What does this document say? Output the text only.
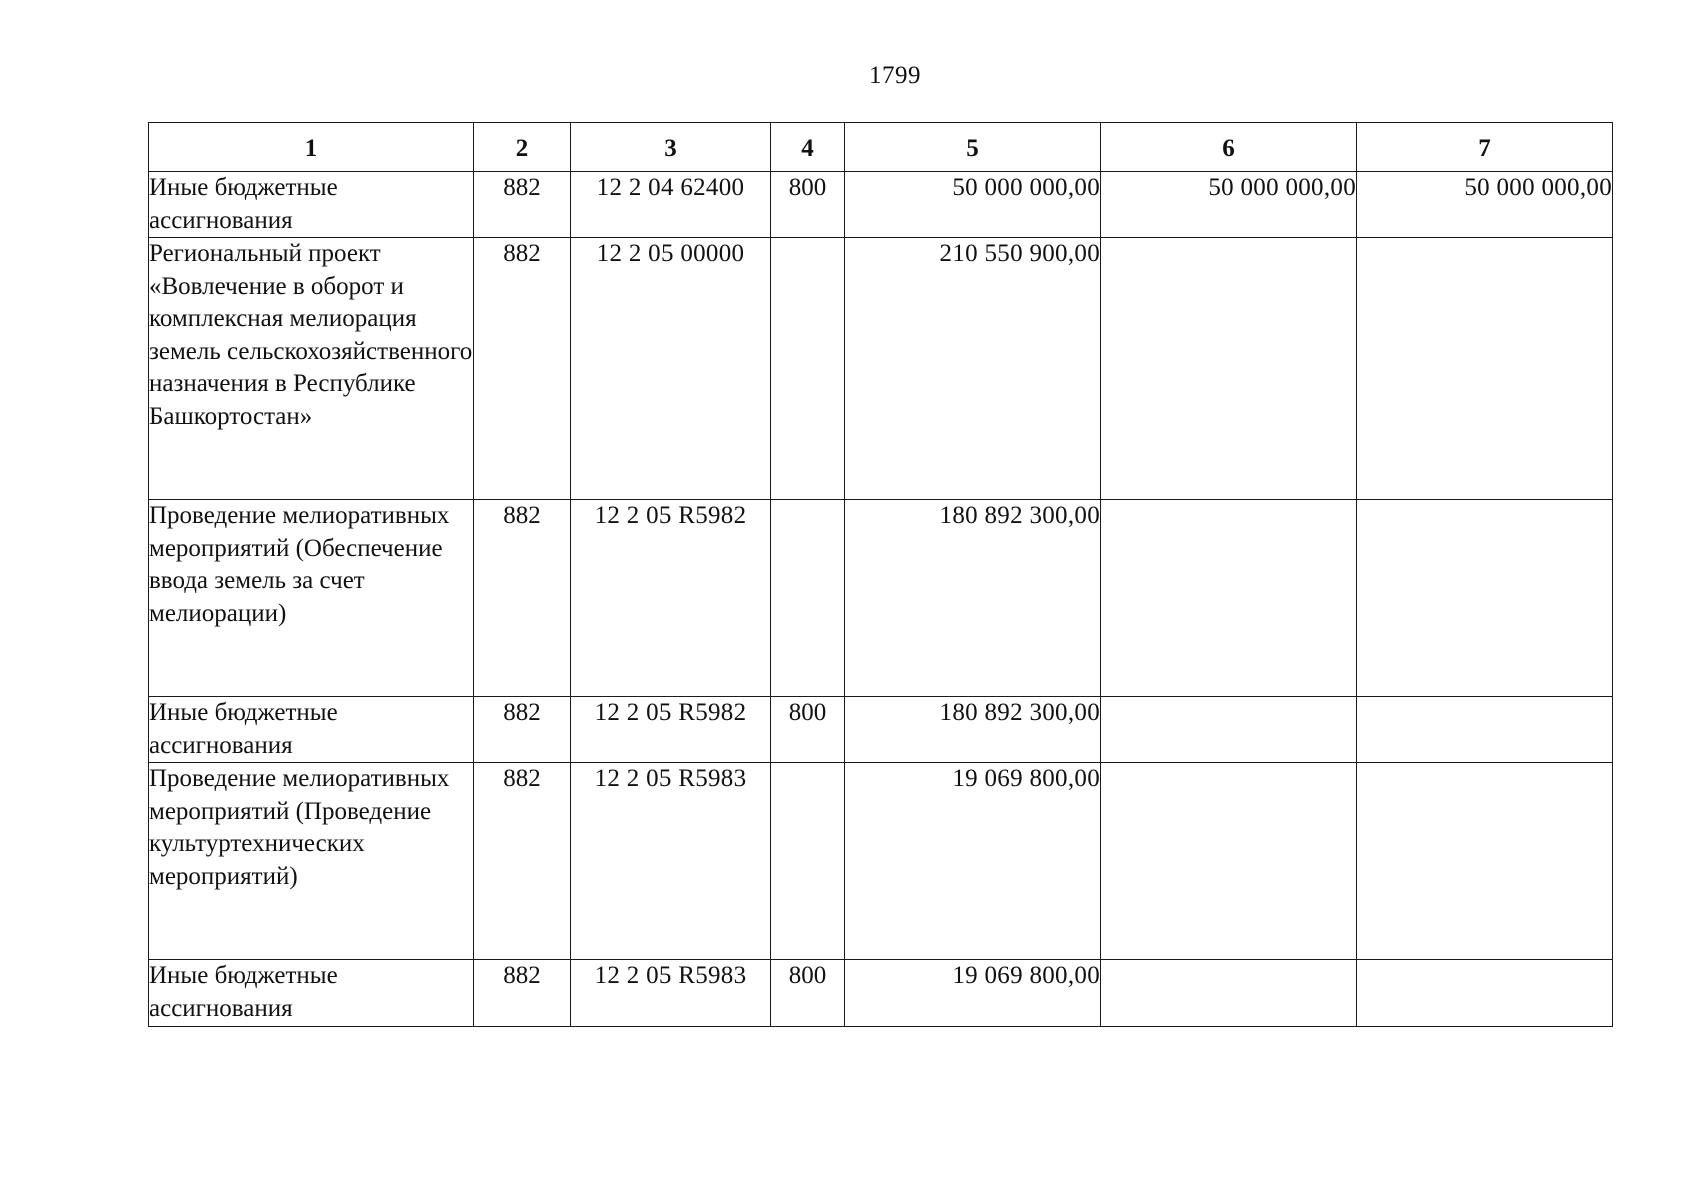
1799
1	2	3	4	5	6	7
Иные бюджетные ассигнования	882	12 2 04 62400	800	50 000 000,00	50 000 000,00	50 000 000,00
Региональный проект «Вовлечение в оборот и комплексная мелиорация земель сельскохозяйственного назначения в Республике Башкортостан»	882	12 2 05 00000		210 550 900,00		
Проведение мелиоративных мероприятий (Обеспечение ввода земель за счет мелиорации)	882	12 2 05 R5982		180 892 300,00		
Иные бюджетные ассигнования	882	12 2 05 R5982	800	180 892 300,00		
Проведение мелиоративных мероприятий (Проведение культуртехнических мероприятий)	882	12 2 05 R5983		19 069 800,00		
Иные бюджетные ассигнования	882	12 2 05 R5983	800	19 069 800,00		
